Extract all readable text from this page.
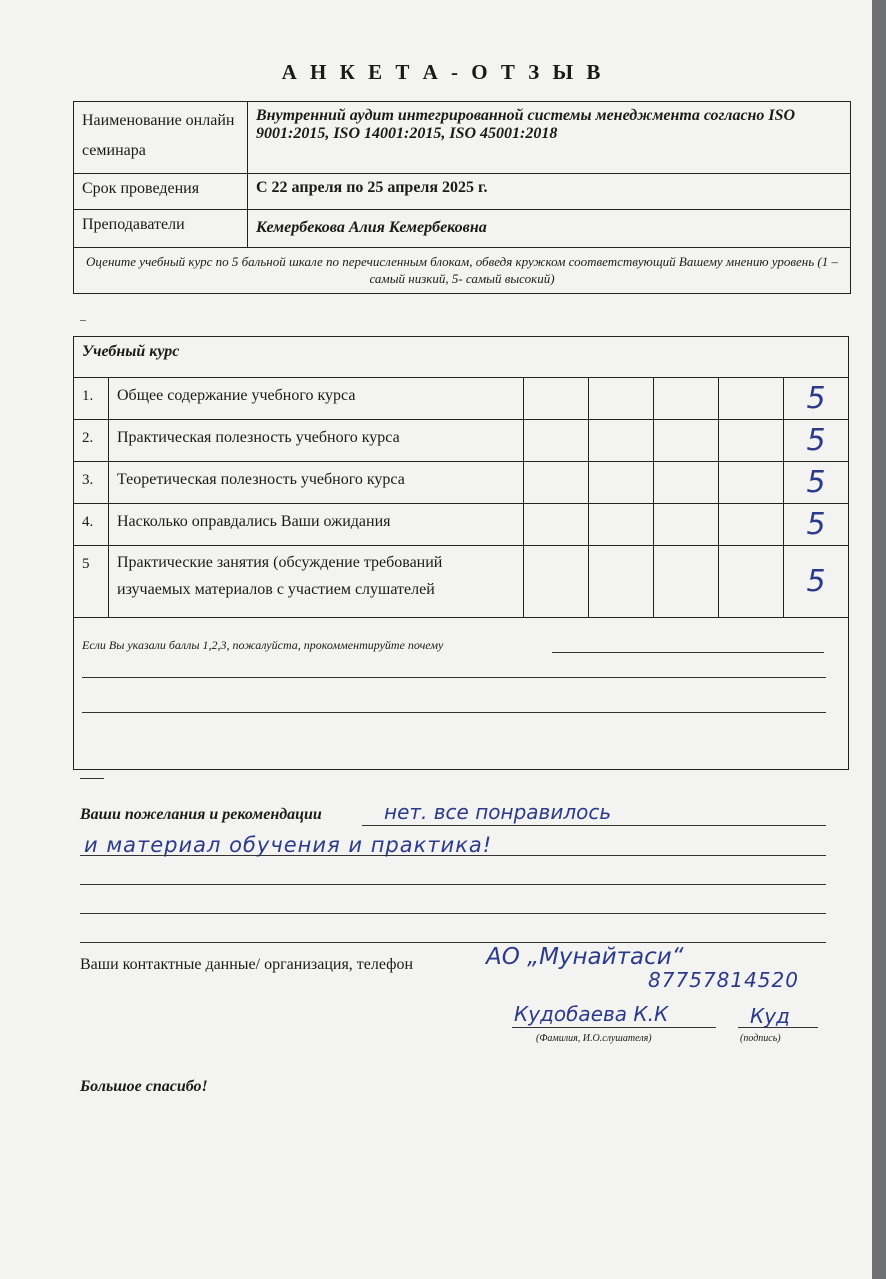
А Н К Е Т А - О Т З Ы В
Наименование онлайн семинара	Внутренний аудит интегрированной системы менеджмента согласно ISO 9001:2015, ISO 14001:2015, ISO 45001:2018

Срок проведения	С 22 апреля по 25 апреля 2025 г.

Преподаватели	Кемербекова Алия Кемербековна

Оцените учебный курс по 5 бальной шкале по перечисленным блокам, обведя кружком соответствующий Вашему мнению уровень (1 – самый низкий, 5- самый высокий)	
_
Учебный курс						

1.	Общее содержание учебного курса					5

2.	Практическая полезность учебного курса					5

3.	Теоретическая полезность учебного курса					5

4.	Насколько оправдались Ваши ожидания					5

5	Практические занятия (обсуждение требований изучаемых материалов с участием слушателей					5

Если Вы указали баллы 1,2,3, пожалуйста, прокомментируйте почему						
Ваши пожелания и рекомендации	нет. все понравилось
и материал обучения и практика!
Ваши контактные данные/ организация, телефон	АО „Мунайтаси“
87757814520
Кудобаева К.К
(Фамилия, И.О.слушателя)
Куд
(подпись)
Большое спасибо!
